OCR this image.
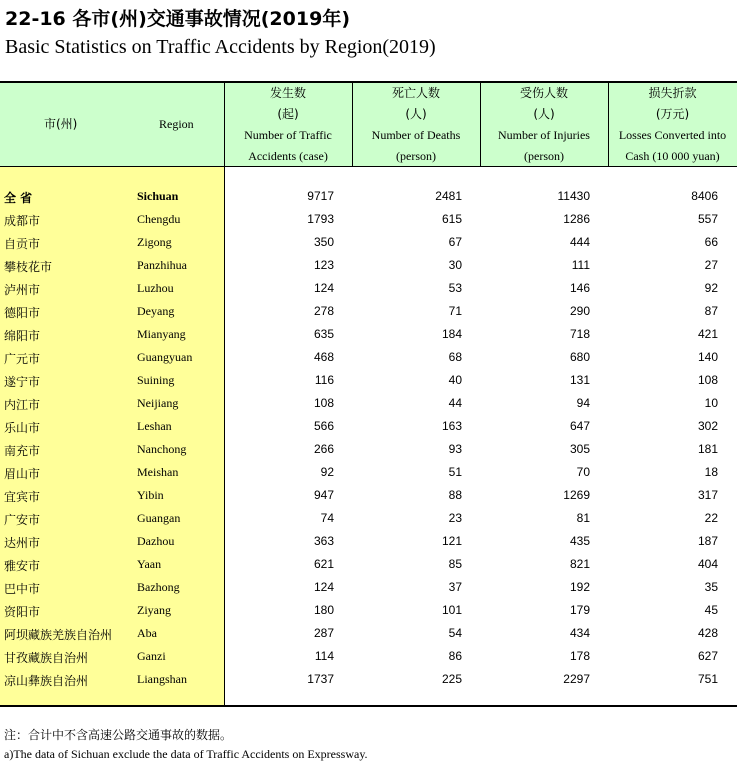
22-16 各市(州)交通事故情况(2019年)
Basic Statistics on Traffic Accidents by Region(2019)
市(州)	Region
发生数
(起)
Number of Traffic
Accidents (case)
死亡人数
(人)
Number of Deaths
(person)
受伤人数
(人)
Number of Injuries
(person)
损失折款
(万元)
Losses Converted into
Cash (10 000 yuan)
全 省	Sichuan	9717	2481	11430	8406
成都市	Chengdu	1793	615	1286	557
自贡市	Zigong	350	67	444	66
攀枝花市	Panzhihua	123	30	111	27
泸州市	Luzhou	124	53	146	92
德阳市	Deyang	278	71	290	87
绵阳市	Mianyang	635	184	718	421
广元市	Guangyuan	468	68	680	140
遂宁市	Suining	116	40	131	108
内江市	Neijiang	108	44	94	10
乐山市	Leshan	566	163	647	302
南充市	Nanchong	266	93	305	181
眉山市	Meishan	92	51	70	18
宜宾市	Yibin	947	88	1269	317
广安市	Guangan	74	23	81	22
达州市	Dazhou	363	121	435	187
雅安市	Yaan	621	85	821	404
巴中市	Bazhong	124	37	192	35
资阳市	Ziyang	180	101	179	45
阿坝藏族羌族自治州 Aba	287	54	434	428
甘孜藏族自治州	Ganzi	114	86	178	627
凉山彝族自治州	Liangshan	1737	225	2297	751
注：合计中不含高速公路交通事故的数据。
a)The data of Sichuan exclude the data of Traffic Accidents on Expressway.
